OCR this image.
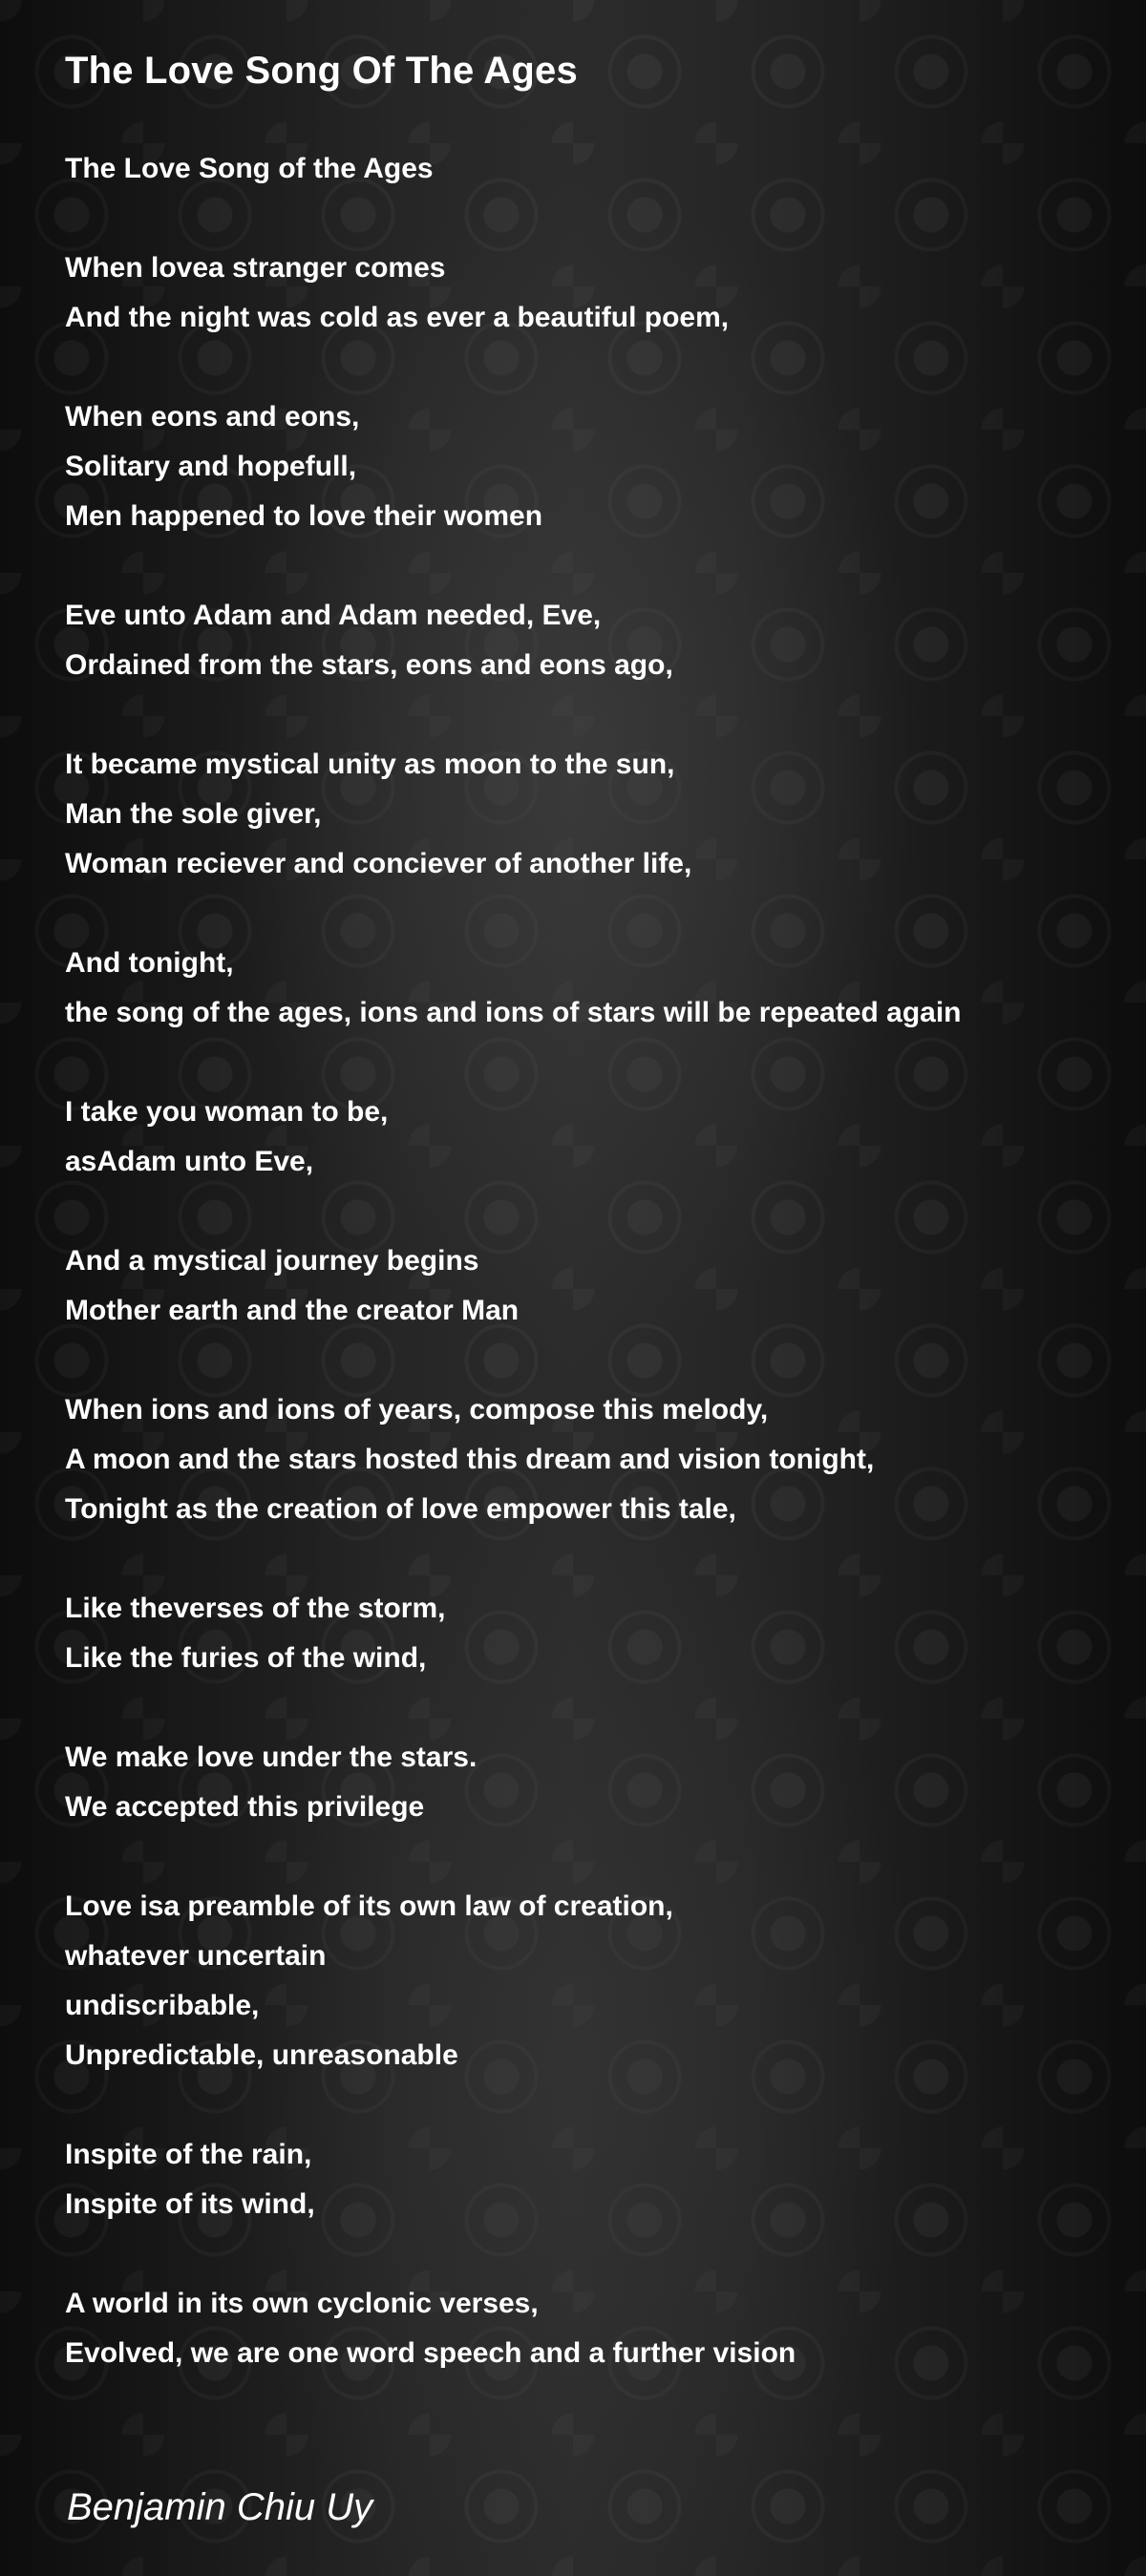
The Love Song Of The Ages
The Love Song of the Ages
When lovea stranger comes
And the night was cold as ever a beautiful poem,
When eons and eons,
Solitary and hopefull,
Men happened to love their women
Eve unto Adam and Adam needed, Eve,
Ordained from the stars, eons and eons ago,
It became mystical unity as moon to the sun,
Man the sole giver,
Woman reciever and conciever of another life,
And tonight,
the song of the ages, ions and ions of stars will be repeated again
I take you woman to be,
asAdam unto Eve,
And a mystical journey begins
Mother earth and the creator Man
When ions and ions of years, compose this melody,
A moon and the stars hosted this dream and vision tonight,
Tonight as the creation of love empower this tale,
Like theverses of the storm,
Like the furies of the wind,
We make love under the stars.
We accepted this privilege
Love isa preamble of its own law of creation,
whatever uncertain
undiscribable,
Unpredictable, unreasonable
Inspite of the rain,
Inspite of its wind,
A world in its own cyclonic verses,
Evolved, we are one word speech and a further vision
Benjamin Chiu Uy
